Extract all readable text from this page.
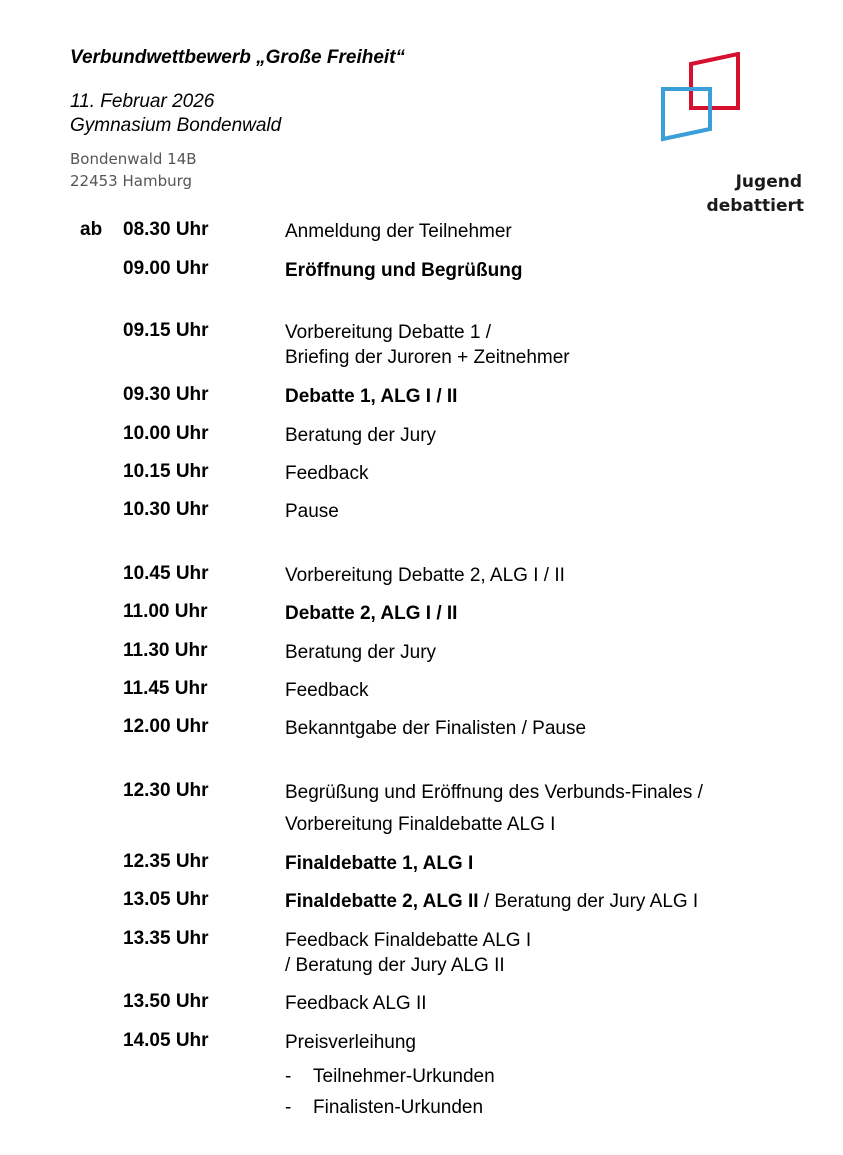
Verbundwettbewerb „Große Freiheit“

11. Februar 2026

Gymnasium Bondenwald

Bondenwald 14B

22453 Hamburg	Jugend
debattiert
ab 08.30 Uhr	Anmeldung der Teilnehmer
09.00 Uhr	Eröffnung und Begrüßung
09.15 Uhr	Vorbereitung Debatte 1 /
Briefing der Juroren + Zeitnehmer
09.30 Uhr	Debatte 1, ALG I / II
10.00 Uhr	Beratung der Jury
10.15 Uhr	Feedback
10.30 Uhr	Pause
10.45 Uhr	Vorbereitung Debatte 2, ALG I / II
11.00 Uhr	Debatte 2, ALG I / II
11.30 Uhr	Beratung der Jury
11.45 Uhr	Feedback
12.00 Uhr	Bekanntgabe der Finalisten / Pause
12.30 Uhr	Begrüßung und Eröffnung des Verbunds-Finales /
Vorbereitung Finaldebatte ALG I
12.35 Uhr	Finaldebatte 1, ALG I
13.05 Uhr	Finaldebatte 2, ALG II / Beratung der Jury ALG I
13.35 Uhr	Feedback Finaldebatte ALG I
/ Beratung der Jury ALG II
13.50 Uhr	Feedback ALG II
14.05 Uhr	Preisverleihung
- Teilnehmer-Urkunden
- Finalisten-Urkunden
